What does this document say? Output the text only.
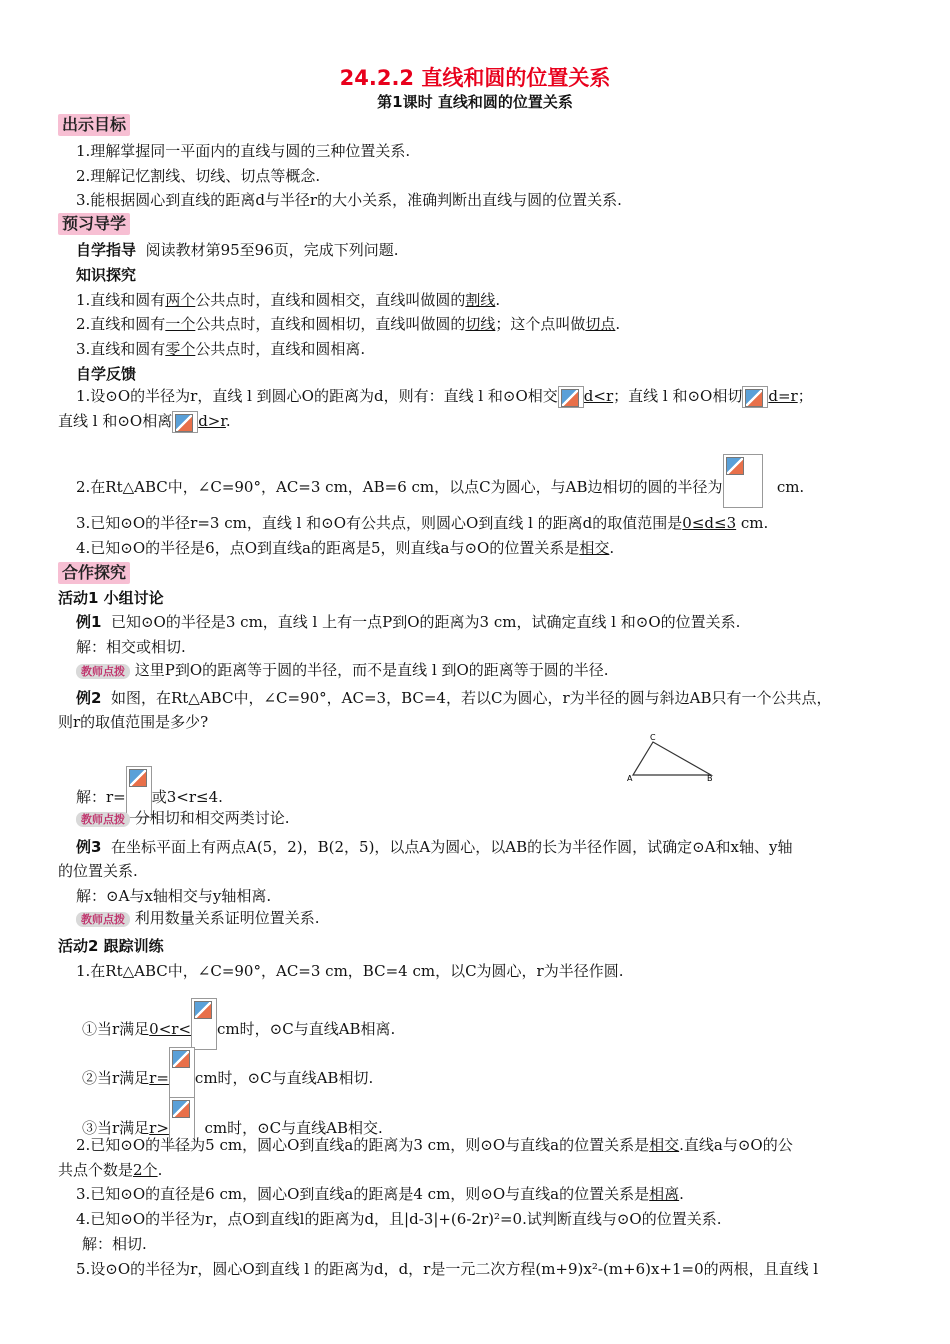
24.2.2 直线和圆的位置关系
第1课时 直线和圆的位置关系
出示目标
1.理解掌握同一平面内的直线与圆的三种位置关系.
2.理解记忆割线、切线、切点等概念.
3.能根据圆心到直线的距离d与半径r的大小关系，准确判断出直线与圆的位置关系.
预习导学
自学指导 阅读教材第95至96页，完成下列问题.
知识探究
1.直线和圆有两个公共点时，直线和圆相交，直线叫做圆的割线.
2.直线和圆有一个公共点时，直线和圆相切，直线叫做圆的切线；这个点叫做切点.
3.直线和圆有零个公共点时，直线和圆相离.
自学反馈
1.设⊙O的半径为r，直线 l 到圆心O的距离为d，则有：直线 l 和⊙O相交 d<r；直线 l 和⊙O相切 d=r；
直线 l 和⊙O相离 d>r.
2.在Rt△ABC中，∠C=90°，AC=3 cm，AB=6 cm，以点C为圆心，与AB边相切的圆的半径为	cm.
3.已知⊙O的半径r=3 cm，直线 l 和⊙O有公共点，则圆心O到直线 l 的距离d的取值范围是0≤d≤3 cm.
4.已知⊙O的半径是6，点O到直线a的距离是5，则直线a与⊙O的位置关系是相交.
合作探究
活动1 小组讨论
例1 已知⊙O的半径是3 cm，直线 l 上有一点P到O的距离为3 cm，试确定直线 l 和⊙O的位置关系.
解：相交或相切.
教师点拨 这里P到O的距离等于圆的半径，而不是直线 l 到O的距离等于圆的半径.
例2 如图，在Rt△ABC中，∠C=90°，AC=3，BC=4，若以C为圆心，r为半径的圆与斜边AB只有一个公共点，
则r的取值范围是多少?
解：r= 或3<r≤4.
C
A	B
教师点拨 分相切和相交两类讨论.
例3 在坐标平面上有两点A(5，2)，B(2，5)，以点A为圆心，以AB的长为半径作圆，试确定⊙A和x轴、y轴
的位置关系.
解：⊙A与x轴相交与y轴相离.
教师点拨 利用数量关系证明位置关系.
活动2 跟踪训练
1.在Rt△ABC中，∠C=90°，AC=3 cm，BC=4 cm，以C为圆心，r为半径作圆.
①当r满足0<r< cm时，⊙C与直线AB相离.
②当r满足r= cm时，⊙C与直线AB相切.
③当r满足r> cm时，⊙C与直线AB相交.
2.已知⊙O的半径为5 cm，圆心O到直线a的距离为3 cm，则⊙O与直线a的位置关系是相交.直线a与⊙O的公
共点个数是2个.
3.已知⊙O的直径是6 cm，圆心O到直线a的距离是4 cm，则⊙O与直线a的位置关系是相离.
4.已知⊙O的半径为r，点O到直线l的距离为d，且|d-3|+(6-2r)²=0.试判断直线与⊙O的位置关系.
解：相切.
5.设⊙O的半径为r，圆心O到直线 l 的距离为d，d，r是一元二次方程(m+9)x²-(m+6)x+1=0的两根，且直线 l
